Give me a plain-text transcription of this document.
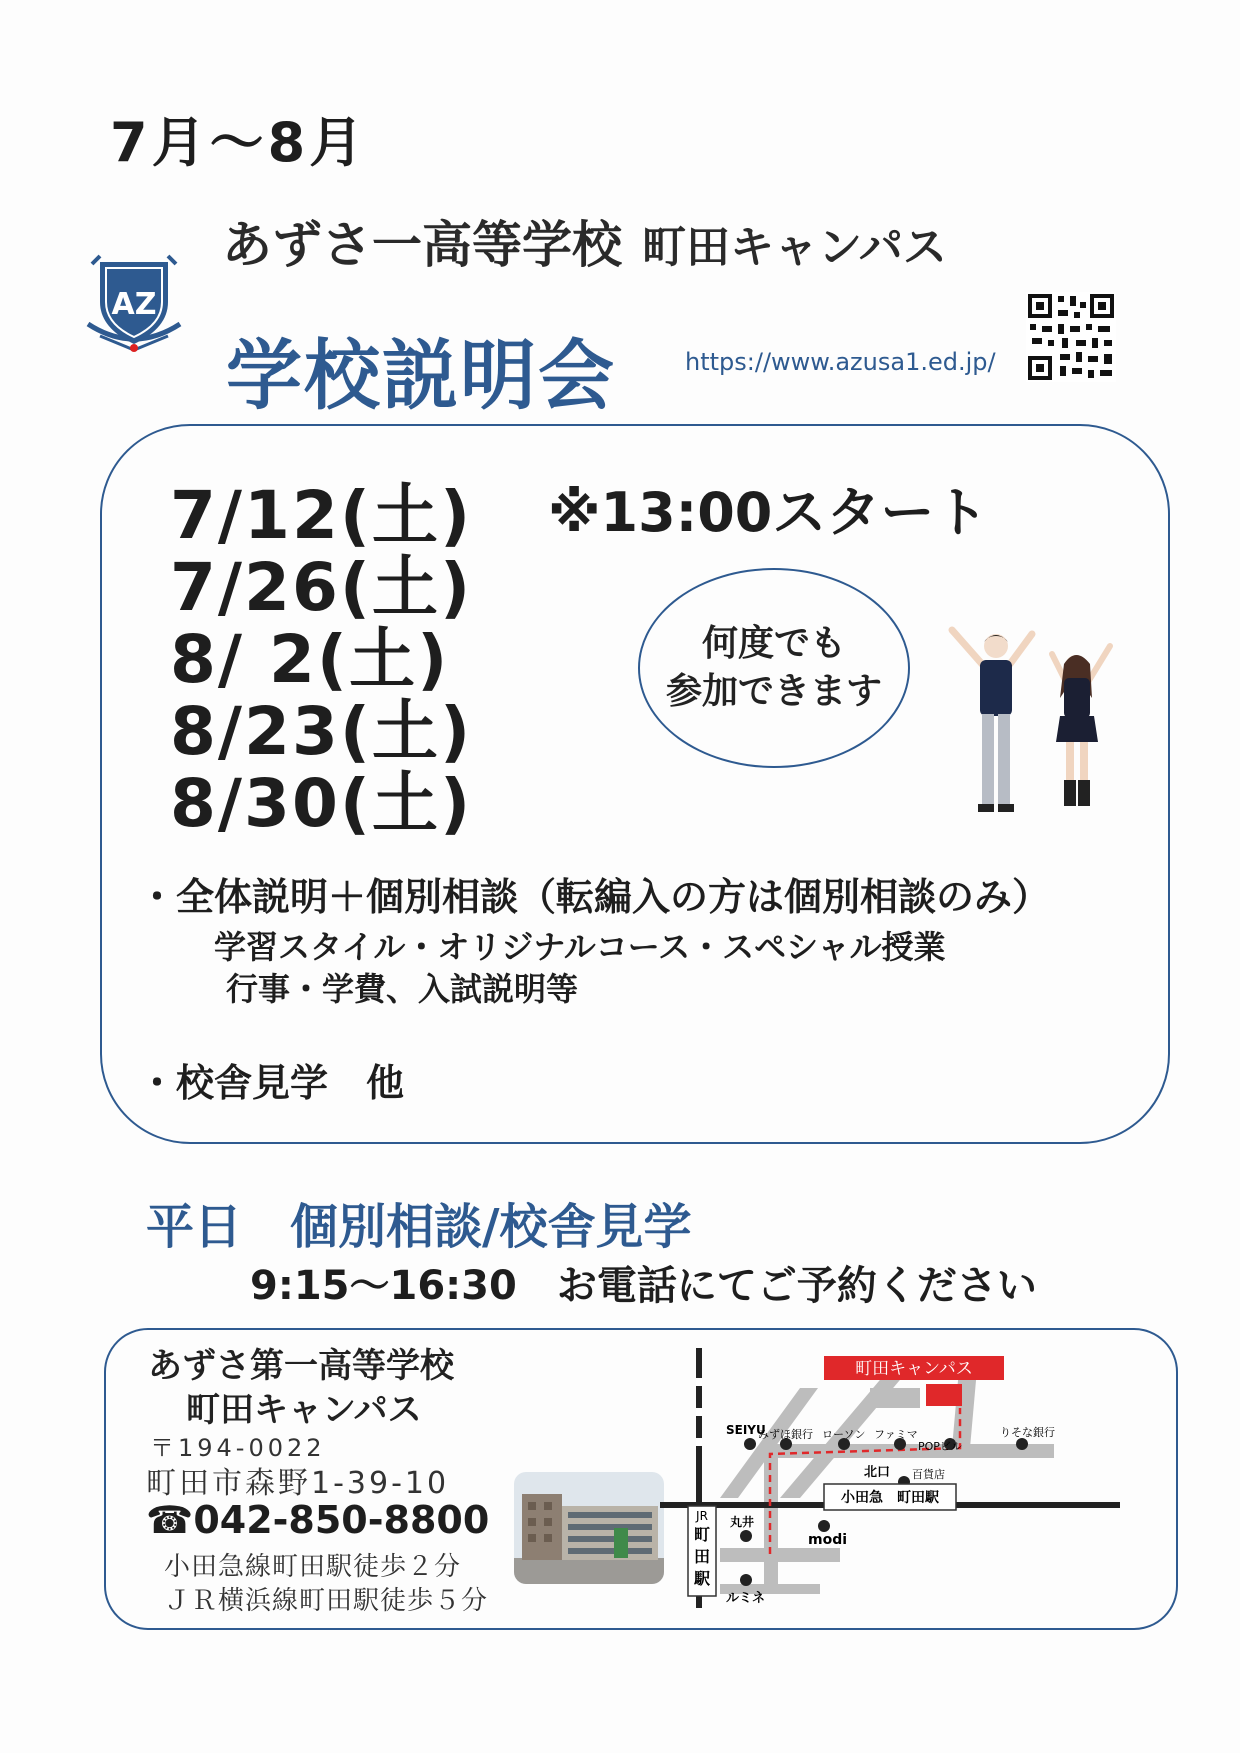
7月～8月
あずさ一高等学校 町田キャンパス
AZ
学校説明会	https://www.azusa1.ed.jp/
7/12(土)
7/26(土)
8/ 2(土)
8/23(土)
8/30(土)
※13:00スタート
何度でも
参加できます
・全体説明＋個別相談（転編入の方は個別相談のみ）
学習スタイル・オリジナルコース・スペシャル授業
行事・学費、入試説明等
・校舎見学　他
平日　個別相談/校舎見学
9:15～16:30　お電話にてご予約ください
あずさ第一高等学校
町田キャンパス
〒194-0022
町田市森野1-39-10
☎042-850-8800
小田急線町田駅徒歩２分
ＪＲ横浜線町田駅徒歩５分
町田キャンパス
SEIYU
みずほ銀行 ローソン ファミマ
POPビル
りそな銀行
北口 百貨店
小田急　町田駅
丸井
modi
JR
町
田
駅
ルミネ
